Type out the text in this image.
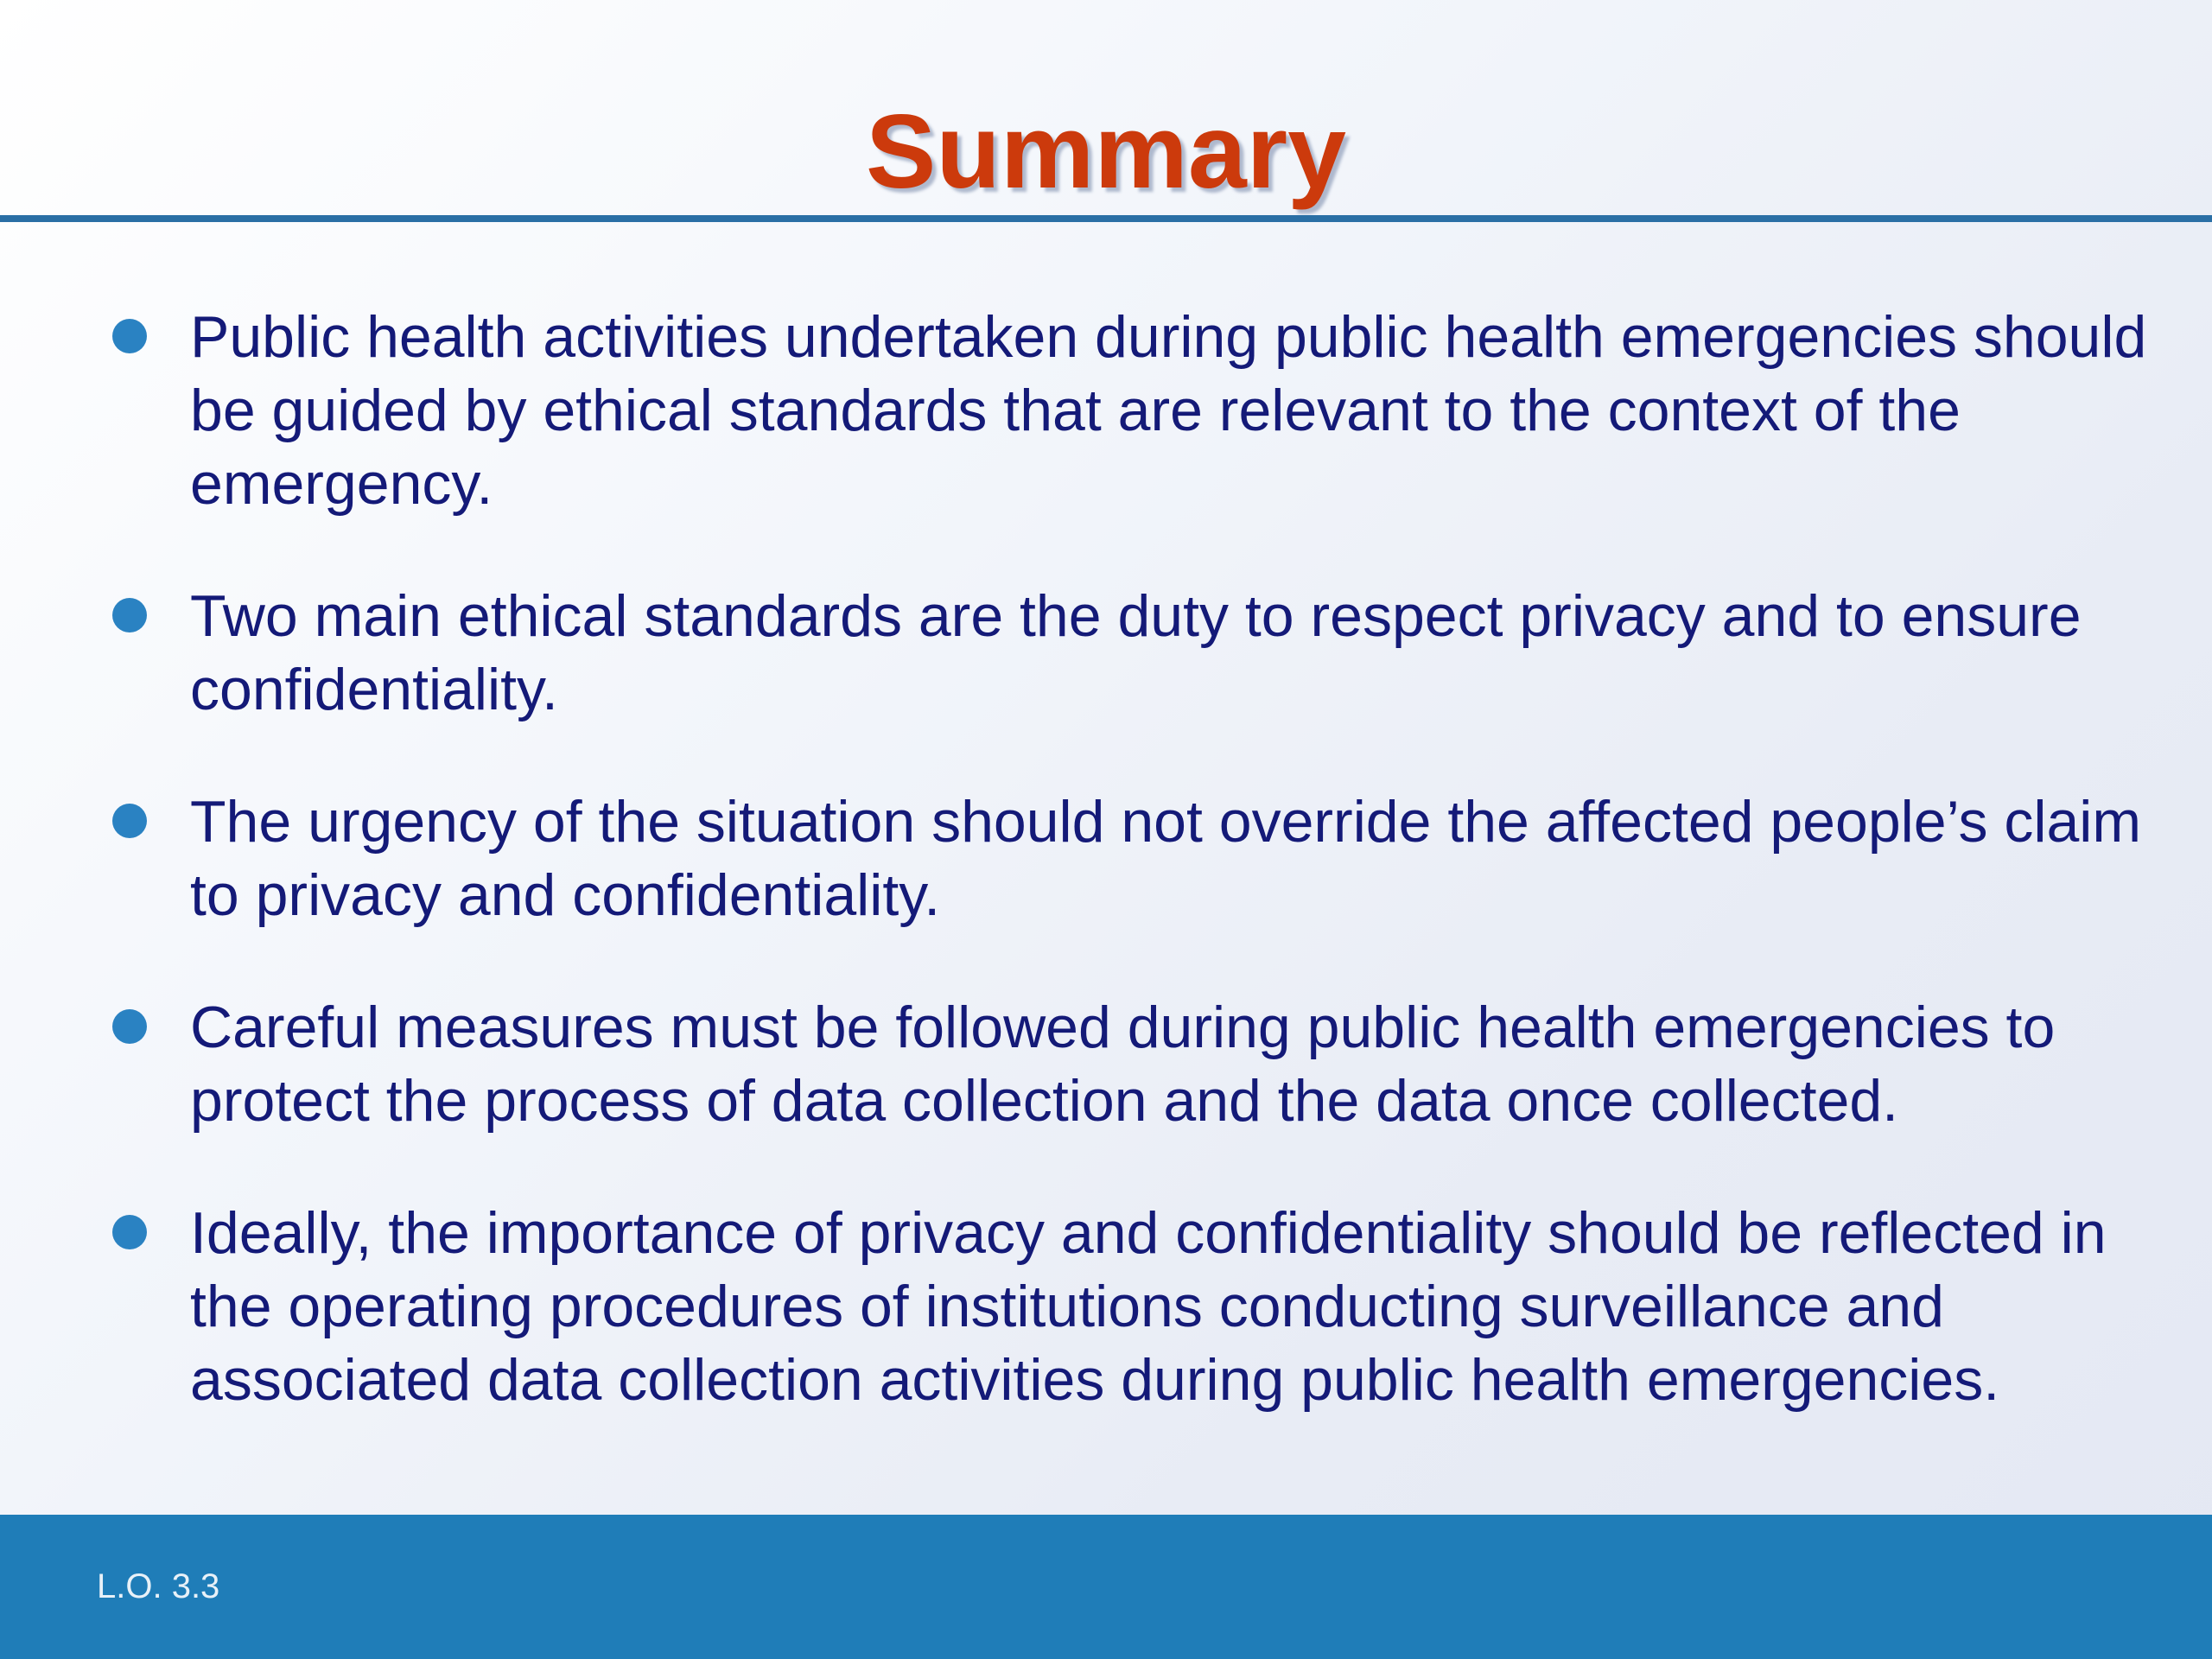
Summary
Public health activities undertaken during public health emergencies should be guided by ethical standards that are relevant to the context of the emergency.
Two main ethical standards are the duty to respect privacy and to ensure confidentiality.
The urgency of the situation should not override the affected people’s claim to privacy and confidentiality.
Careful measures must be followed during public health emergencies to protect the process of data collection and the data once collected.
Ideally, the importance of privacy and confidentiality should be reflected in the operating procedures of institutions conducting surveillance and associated data collection activities during public health emergencies.
L.O. 3.3
